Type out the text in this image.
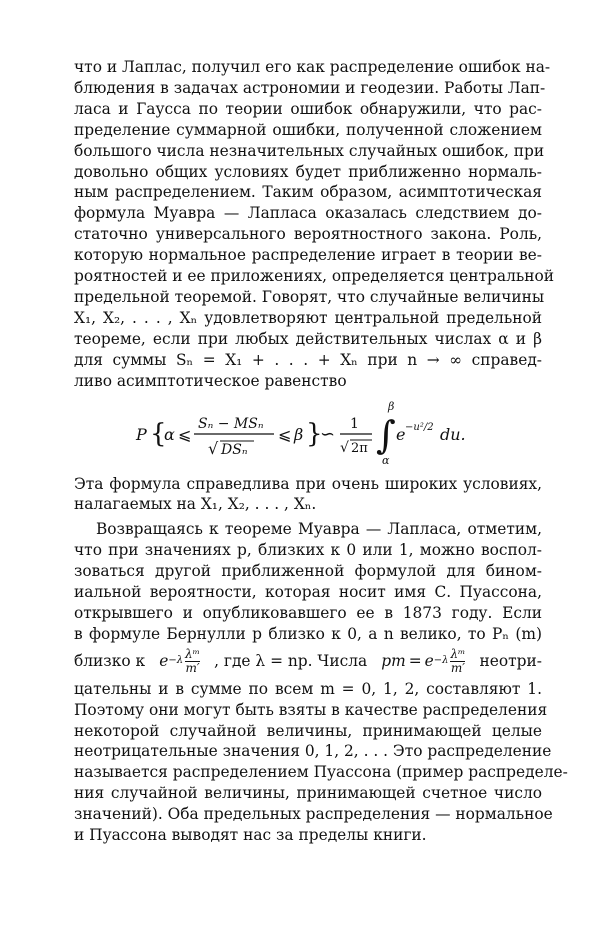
что и Лаплас, получил его как распределение ошибок на-
блюдения в задачах астрономии и геодезии. Работы Лап-
ласа и Гаусса по теории ошибок обнаружили, что рас-
пределение суммарной ошибки, полученной сложением
большого числа незначительных случайных ошибок, при
довольно общих условиях будет приближенно нормаль-
ным распределением. Таким образом, асимптотическая
формула Муавра — Лапласа оказалась следствием до-
статочно универсального вероятностного закона. Роль,
которую нормальное распределение играет в теории ве-
роятностей и ее приложениях, определяется центральной
предельной теоремой. Говорят, что случайные величины
X₁, X₂, . . . , Xₙ удовлетворяют центральной предельной
теореме, если при любых действительных числах α и β
для суммы Sₙ = X₁ + . . . + Xₙ при n → ∞ справед-
ливо асимптотическое равенство
P {
α ⩽
Sₙ − MSₙ
√ DSₙ
⩽ β }
∽ 1
√ 2π ∫
β
α
e −u²/2 du.
Эта формула справедлива при очень широких условиях,
налагаемых на X₁, X₂, . . . , Xₙ.
Возвращаясь к теореме Муавра — Лапласа, отметим,
что при значениях p, близких к 0 или 1, можно воспол-
зоваться другой приближенной формулой для бином-
иальной вероятности, которая носит имя С. Пуассона,
открывшего и опубликовавшего ее в 1873 году. Если
в формуле Бернулли p близко к 0, а n велико, то Pₙ (m)
близко к $e -\lambda \frac{\text{λᵐ}}{m'}$ , где λ = np. Числа pm = $e -\lambda \frac{\text{λᵐ}}{m'}$ неотри-
цательны и в сумме по всем m = 0, 1, 2, составляют 1.
Поэтому они могут быть взяты в качестве распределения
некоторой случайной величины, принимающей целые
неотрицательные значения 0, 1, 2, . . . Это распределение
называется распределением Пуассона (пример распределе-
ния случайной величины, принимающей счетное число
значений). Оба предельных распределения — нормальное
и Пуассона выводят нас за пределы книги.
